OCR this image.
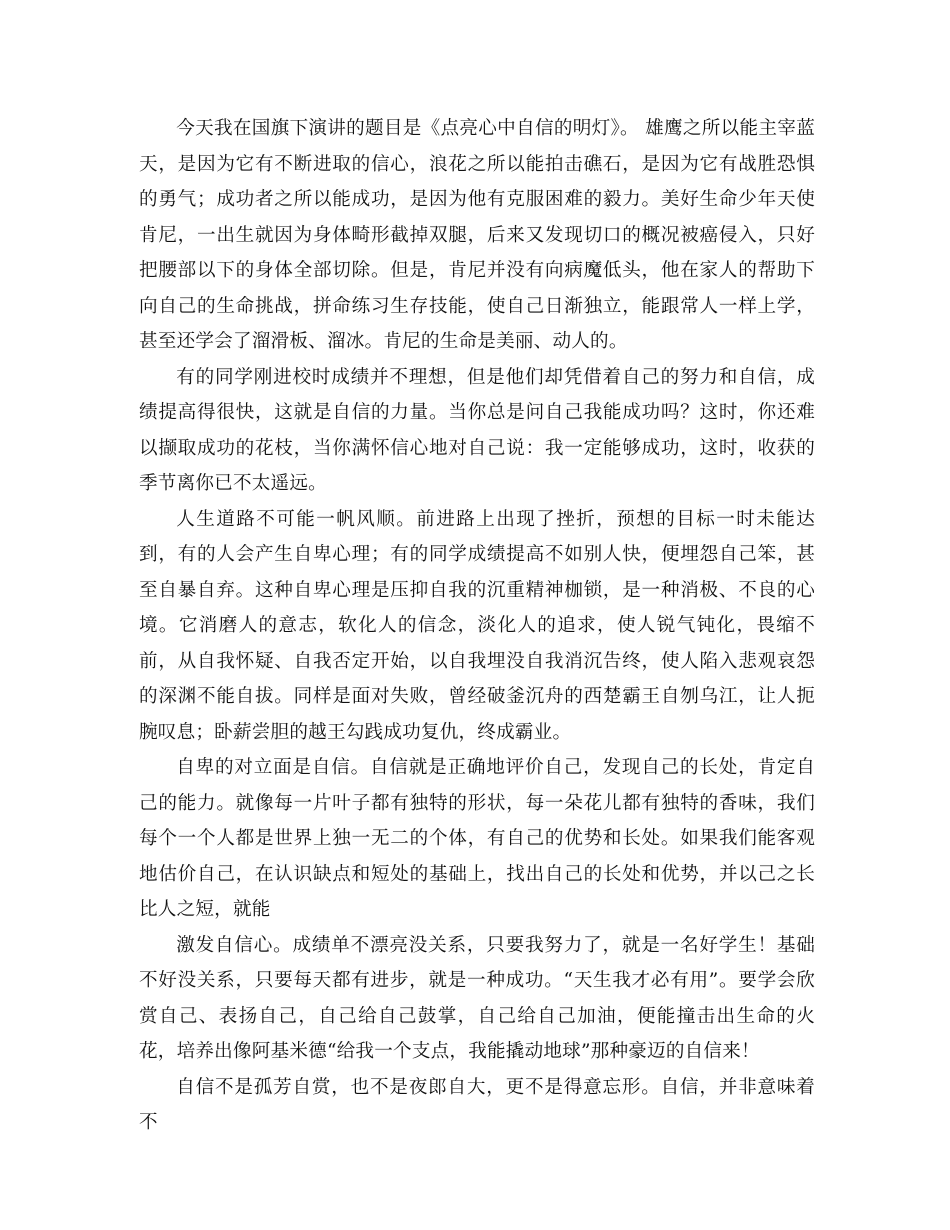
今天我在国旗下演讲的题目是《点亮心中自信的明灯》。 雄鹰之所以能主宰蓝天，是因为它有不断进取的信心，浪花之所以能拍击礁石，是因为它有战胜恐惧的勇气；成功者之所以能成功，是因为他有克服困难的毅力。美好生命少年天使肯尼，一出生就因为身体畸形截掉双腿，后来又发现切口的概况被癌侵入，只好把腰部以下的身体全部切除。但是，肯尼并没有向病魔低头，他在家人的帮助下向自己的生命挑战，拼命练习生存技能，使自己日渐独立，能跟常人一样上学，甚至还学会了溜滑板、溜冰。肯尼的生命是美丽、动人的。

有的同学刚进校时成绩并不理想，但是他们却凭借着自己的努力和自信，成绩提高得很快，这就是自信的力量。当你总是问自己我能成功吗？这时，你还难以撷取成功的花枝，当你满怀信心地对自己说：我一定能够成功，这时，收获的季节离你已不太遥远。

人生道路不可能一帆风顺。前进路上出现了挫折，预想的目标一时未能达到，有的人会产生自卑心理；有的同学成绩提高不如别人快，便埋怨自己笨，甚至自暴自弃。这种自卑心理是压抑自我的沉重精神枷锁，是一种消极、不良的心境。它消磨人的意志，软化人的信念，淡化人的追求，使人锐气钝化，畏缩不前，从自我怀疑、自我否定开始，以自我埋没自我消沉告终，使人陷入悲观哀怨的深渊不能自拔。同样是面对失败，曾经破釜沉舟的西楚霸王自刎乌江，让人扼腕叹息；卧薪尝胆的越王勾践成功复仇，终成霸业。

自卑的对立面是自信。自信就是正确地评价自己，发现自己的长处，肯定自己的能力。就像每一片叶子都有独特的形状，每一朵花儿都有独特的香味，我们每个一个人都是世界上独一无二的个体，有自己的优势和长处。如果我们能客观地估价自己，在认识缺点和短处的基础上，找出自己的长处和优势，并以己之长比人之短，就能

激发自信心。成绩单不漂亮没关系，只要我努力了，就是一名好学生！基础不好没关系，只要每天都有进步，就是一种成功。“天生我才必有用”。要学会欣赏自己、表扬自己，自己给自己鼓掌，自己给自己加油，便能撞击出生命的火花，培养出像阿基米德“给我一个支点，我能撬动地球”那种豪迈的自信来！

自信不是孤芳自赏，也不是夜郎自大，更不是得意忘形。自信，并非意味着不
